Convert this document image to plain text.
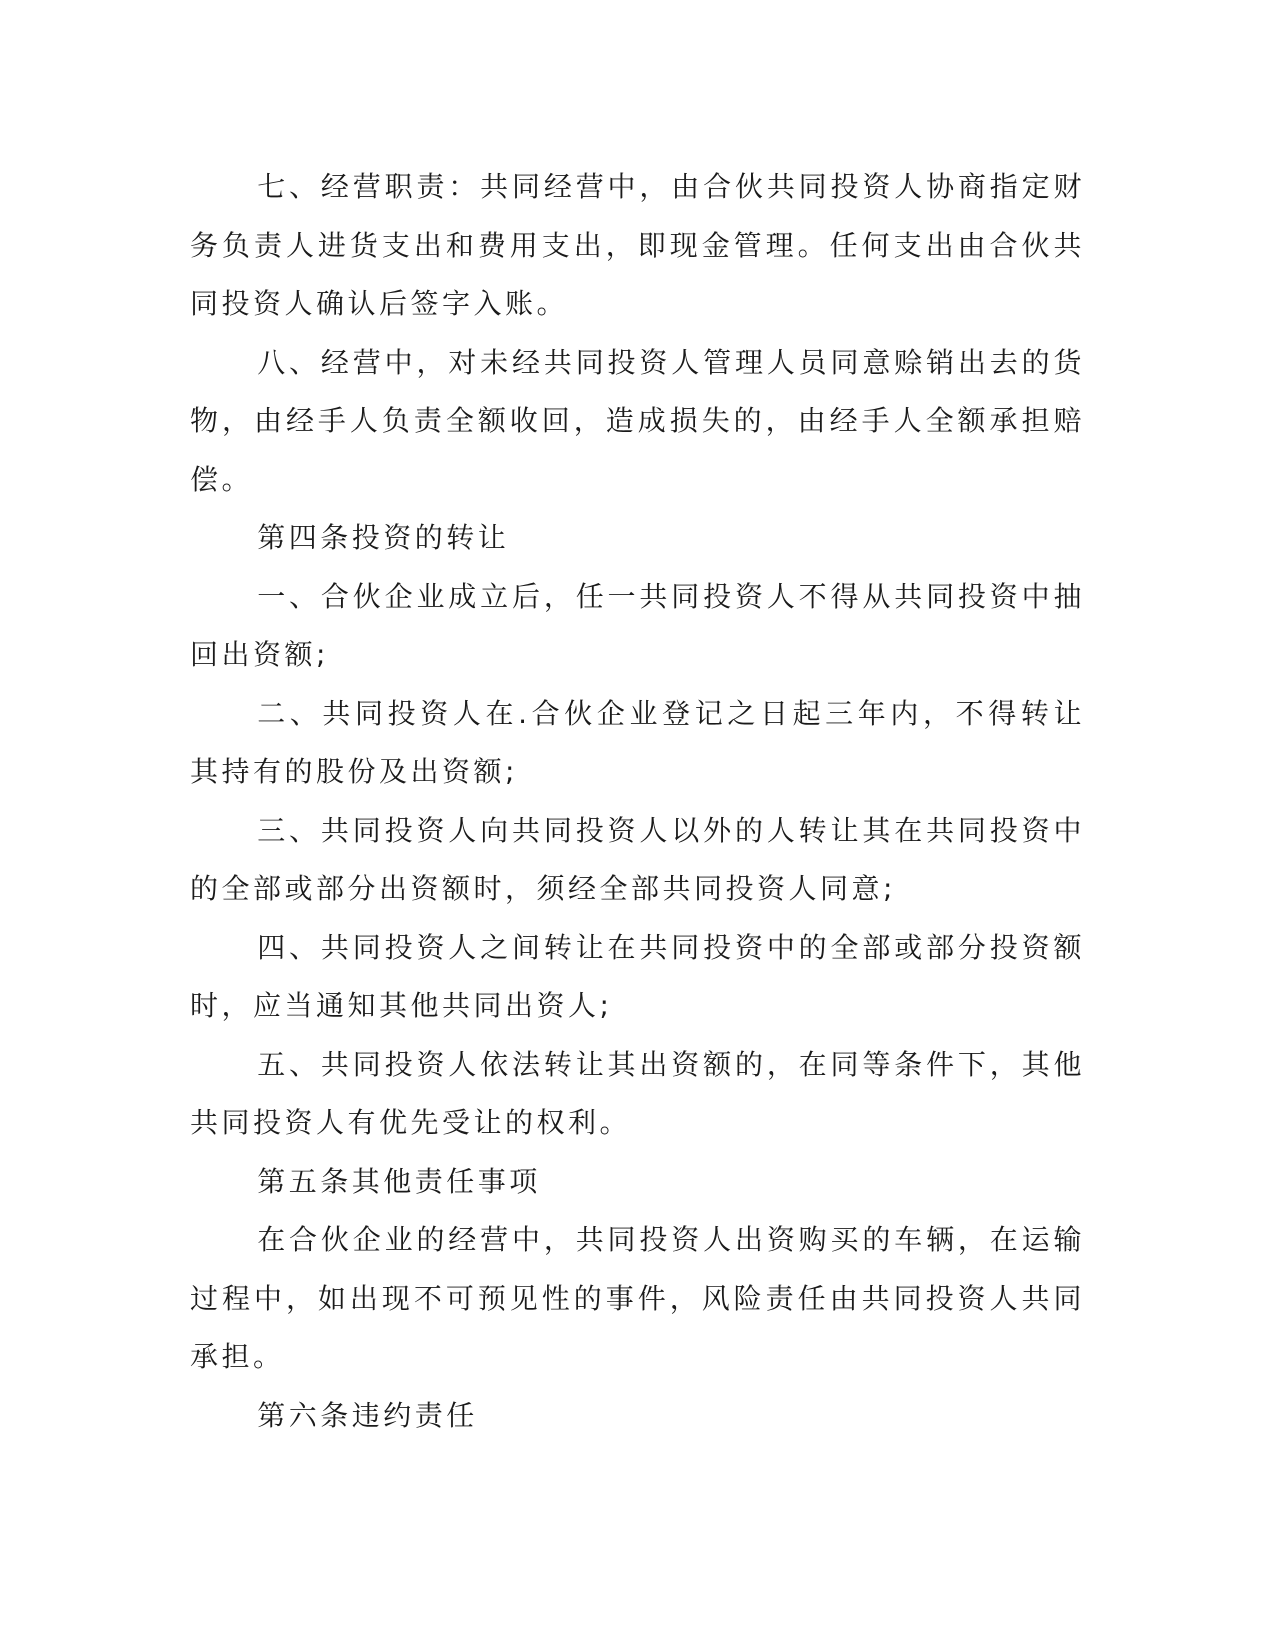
七、经营职责：共同经营中，由合伙共同投资人协商指定财务负责人进货支出和费用支出，即现金管理。任何支出由合伙共同投资人确认后签字入账。

八、经营中，对未经共同投资人管理人员同意赊销出去的货物，由经手人负责全额收回，造成损失的，由经手人全额承担赔偿。

第四条投资的转让

一、合伙企业成立后，任一共同投资人不得从共同投资中抽回出资额;

二、共同投资人在.合伙企业登记之日起三年内，不得转让其持有的股份及出资额;

三、共同投资人向共同投资人以外的人转让其在共同投资中的全部或部分出资额时，须经全部共同投资人同意;

四、共同投资人之间转让在共同投资中的全部或部分投资额时，应当通知其他共同出资人;

五、共同投资人依法转让其出资额的，在同等条件下，其他共同投资人有优先受让的权利。

第五条其他责任事项

在合伙企业的经营中，共同投资人出资购买的车辆，在运输过程中，如出现不可预见性的事件，风险责任由共同投资人共同承担。

第六条违约责任
